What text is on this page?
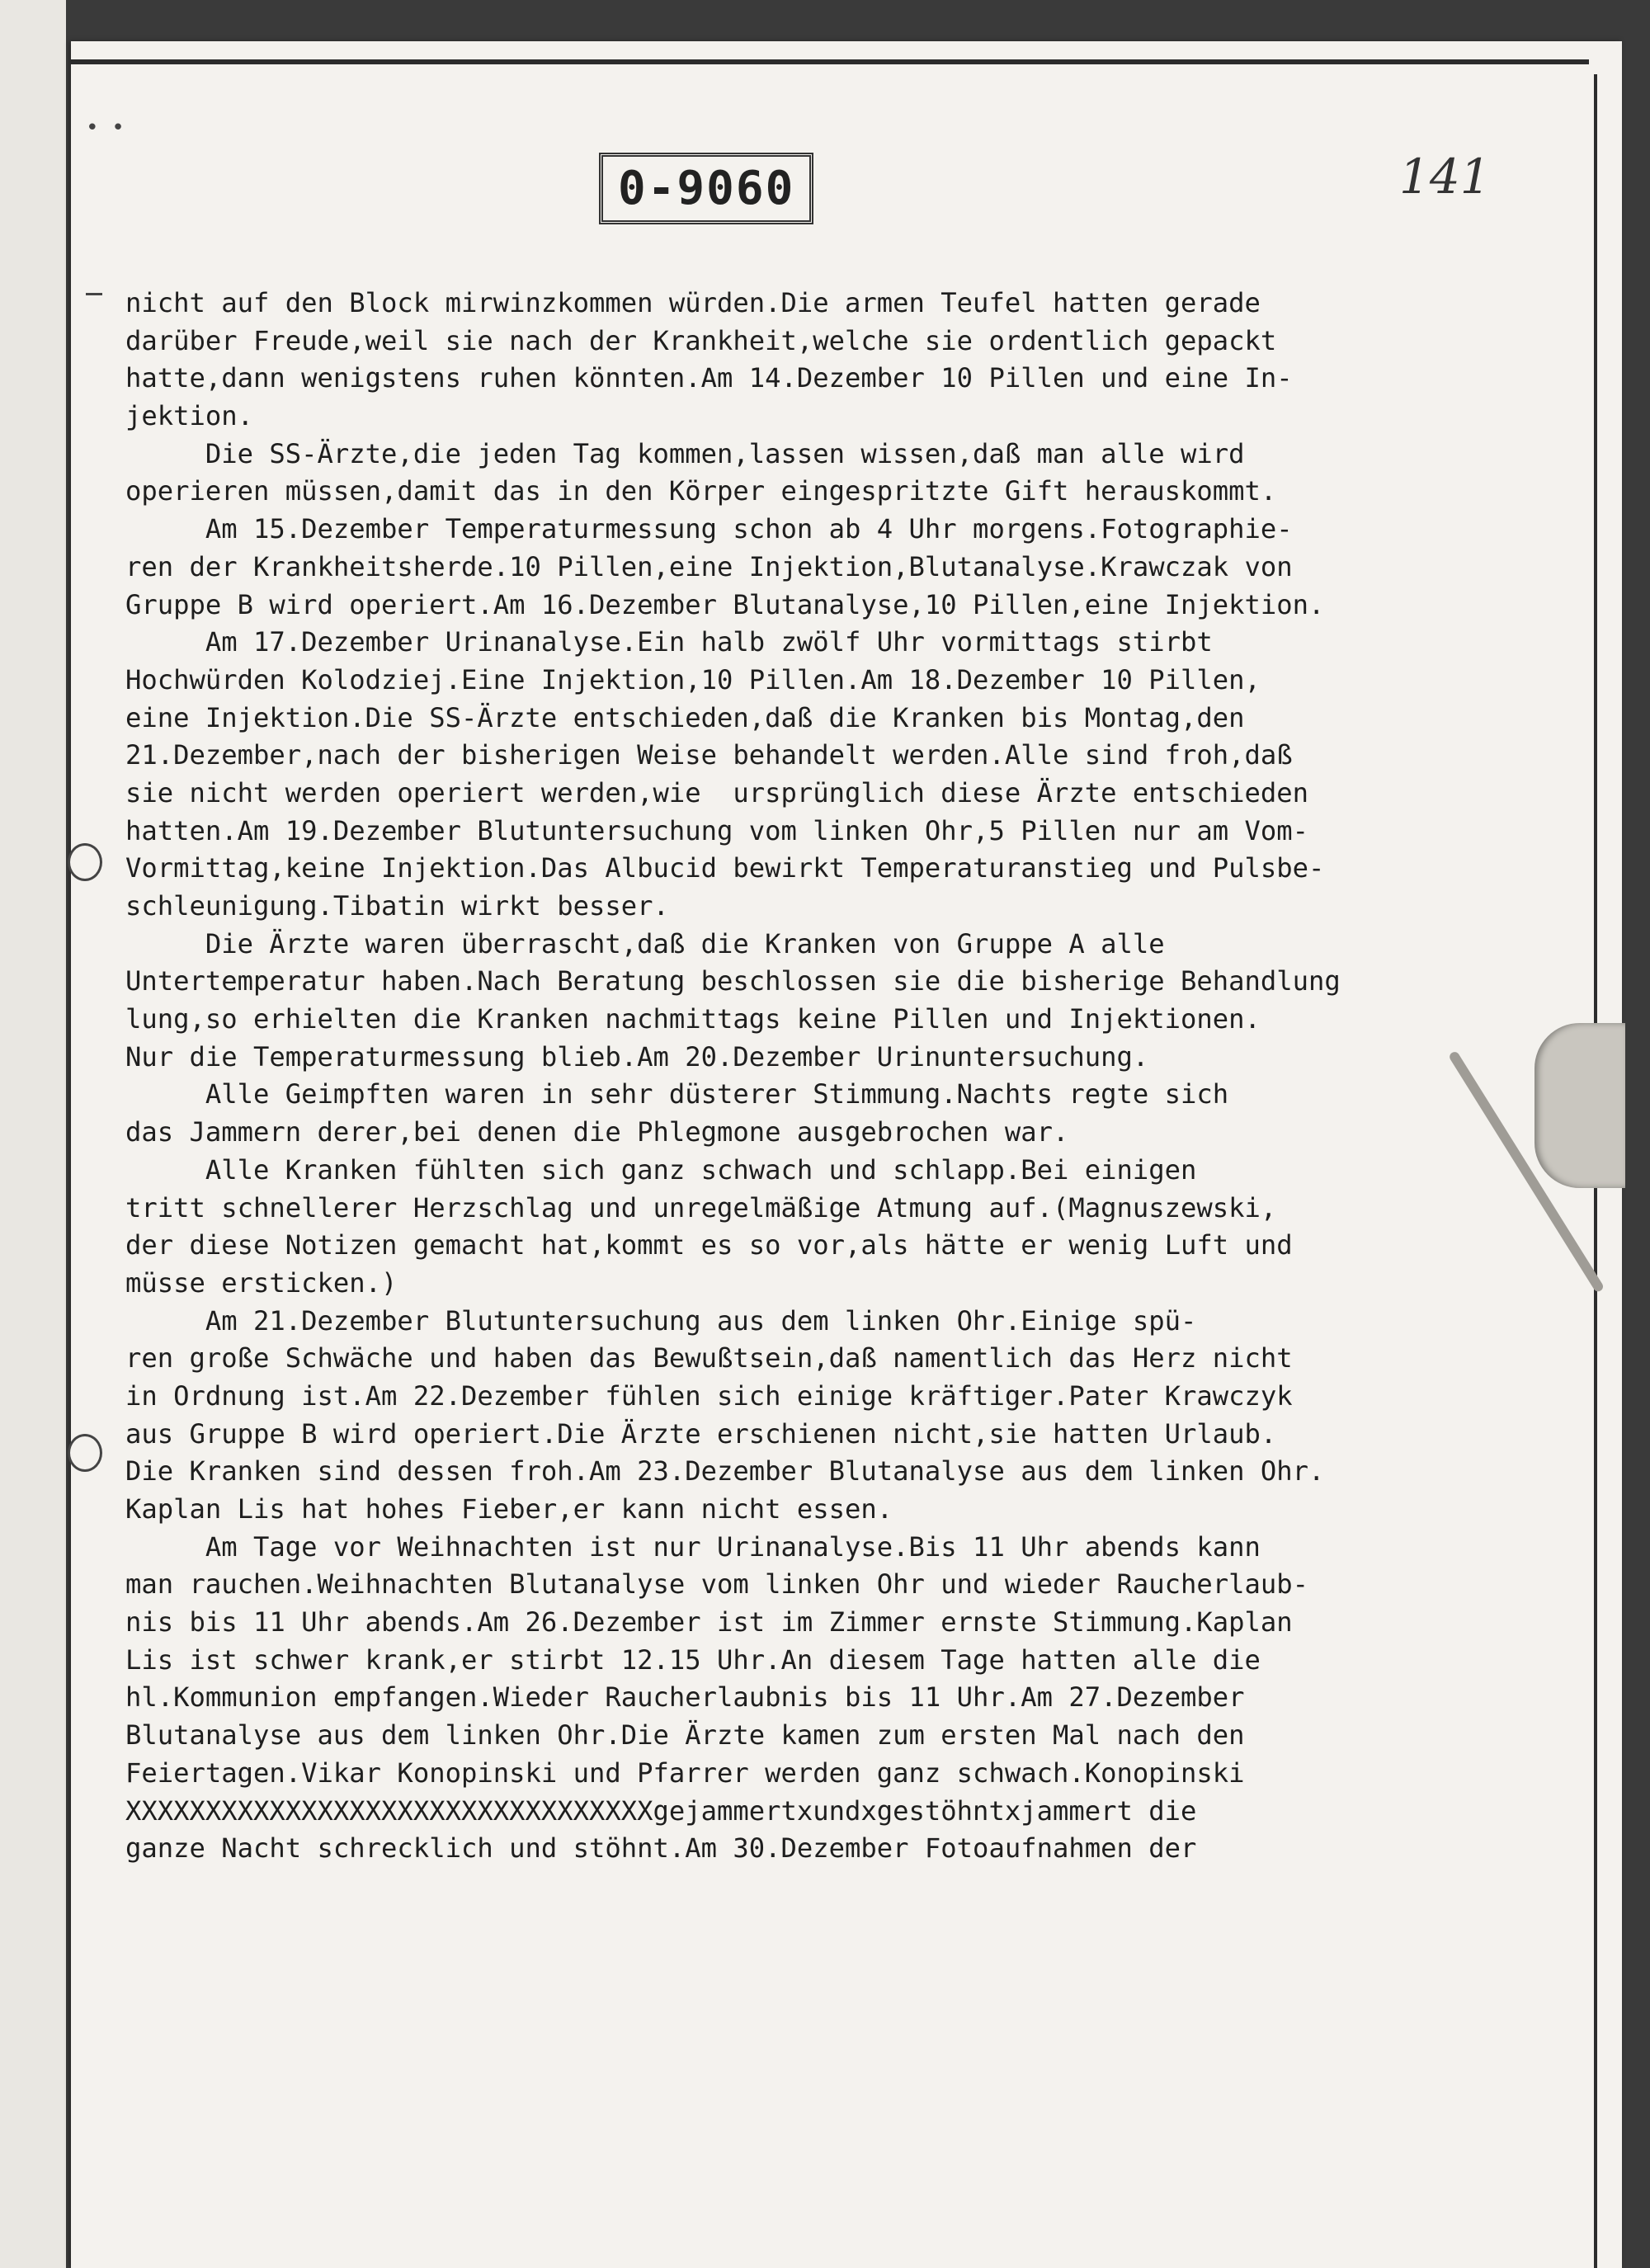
• •
0-9060	141
nicht auf den Block mirwinzkommen würden.Die armen Teufel hatten gerade
darüber Freude,weil sie nach der Krankheit,welche sie ordentlich gepackt
hatte,dann wenigstens ruhen könnten.Am 14.Dezember 10 Pillen und eine In-
jektion.
Die SS-Ärzte,die jeden Tag kommen,lassen wissen,daß man alle wird
operieren müssen,damit das in den Körper eingespritzte Gift herauskommt.
Am 15.Dezember Temperaturmessung schon ab 4 Uhr morgens.Fotographie-
ren der Krankheitsherde.10 Pillen,eine Injektion,Blutanalyse.Krawczak von
Gruppe B wird operiert.Am 16.Dezember Blutanalyse,10 Pillen,eine Injektion.
Am 17.Dezember Urinanalyse.Ein halb zwölf Uhr vormittags stirbt
Hochwürden Kolodziej.Eine Injektion,10 Pillen.Am 18.Dezember 10 Pillen,
eine Injektion.Die SS-Ärzte entschieden,daß die Kranken bis Montag,den
21.Dezember,nach der bisherigen Weise behandelt werden.Alle sind froh,daß
sie nicht werden operiert werden,wie  ursprünglich diese Ärzte entschieden
hatten.Am 19.Dezember Blutuntersuchung vom linken Ohr,5 Pillen nur am Vom-
Vormittag,keine Injektion.Das Albucid bewirkt Temperaturanstieg und Pulsbe-
schleunigung.Tibatin wirkt besser.
Die Ärzte waren überrascht,daß die Kranken von Gruppe A alle
Untertemperatur haben.Nach Beratung beschlossen sie die bisherige Behandlung
lung,so erhielten die Kranken nachmittags keine Pillen und Injektionen.
Nur die Temperaturmessung blieb.Am 20.Dezember Urinuntersuchung.
Alle Geimpften waren in sehr düsterer Stimmung.Nachts regte sich
das Jammern derer,bei denen die Phlegmone ausgebrochen war.
Alle Kranken fühlten sich ganz schwach und schlapp.Bei einigen
tritt schnellerer Herzschlag und unregelmäßige Atmung auf.(Magnuszewski,
der diese Notizen gemacht hat,kommt es so vor,als hätte er wenig Luft und
müsse ersticken.)
Am 21.Dezember Blutuntersuchung aus dem linken Ohr.Einige spü-
ren große Schwäche und haben das Bewußtsein,daß namentlich das Herz nicht
in Ordnung ist.Am 22.Dezember fühlen sich einige kräftiger.Pater Krawczyk
aus Gruppe B wird operiert.Die Ärzte erschienen nicht,sie hatten Urlaub.
Die Kranken sind dessen froh.Am 23.Dezember Blutanalyse aus dem linken Ohr.
Kaplan Lis hat hohes Fieber,er kann nicht essen.
Am Tage vor Weihnachten ist nur Urinanalyse.Bis 11 Uhr abends kann
man rauchen.Weihnachten Blutanalyse vom linken Ohr und wieder Raucherlaub-
nis bis 11 Uhr abends.Am 26.Dezember ist im Zimmer ernste Stimmung.Kaplan
Lis ist schwer krank,er stirbt 12.15 Uhr.An diesem Tage hatten alle die
hl.Kommunion empfangen.Wieder Raucherlaubnis bis 11 Uhr.Am 27.Dezember
Blutanalyse aus dem linken Ohr.Die Ärzte kamen zum ersten Mal nach den
Feiertagen.Vikar Konopinski und Pfarrer werden ganz schwach.Konopinski
XXXXXXXXXXXXXXXXXXXXXXXXXXXXXXXXXgejammertxundxgestöhntxjammert die
ganze Nacht schrecklich und stöhnt.Am 30.Dezember Fotoaufnahmen der
